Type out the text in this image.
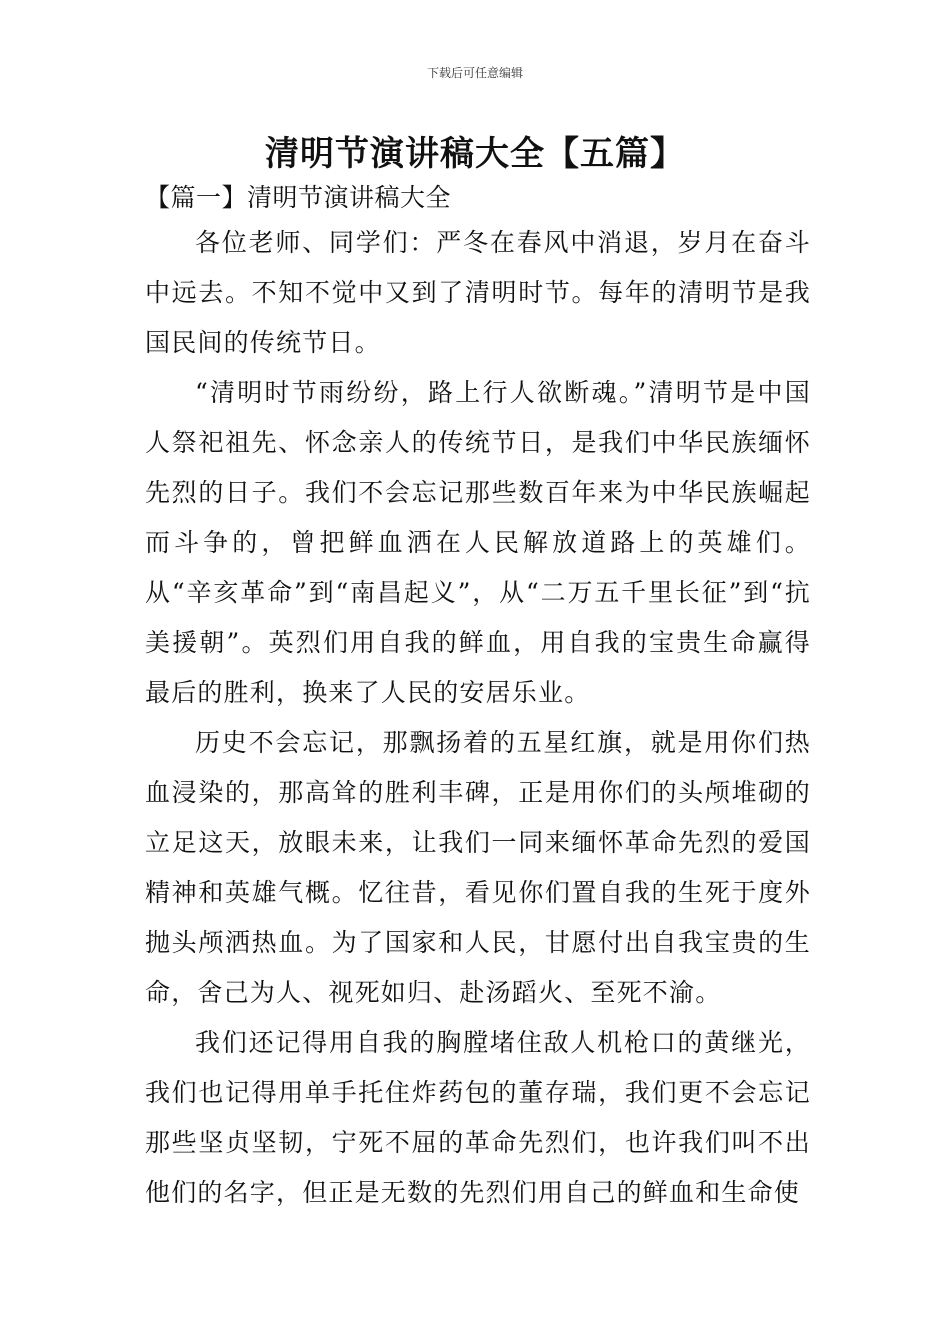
下载后可任意编辑
清明节演讲稿大全【五篇】

【篇一】清明节演讲稿大全

各位老师、同学们：严冬在春风中消退，岁月在奋斗中远去。不知不觉中又到了清明时节。每年的清明节是我国民间的传统节日。

“清明时节雨纷纷，路上行人欲断魂。”清明节是中国人祭祀祖先、怀念亲人的传统节日，是我们中华民族缅怀先烈的日子。我们不会忘记那些数百年来为中华民族崛起而斗争的，曾把鲜血洒在人民解放道路上的英雄们。从“辛亥革命”到“南昌起义”，从“二万五千里长征”到“抗美援朝”。英烈们用自我的鲜血，用自我的宝贵生命赢得最后的胜利，换来了人民的安居乐业。

历史不会忘记，那飘扬着的五星红旗，就是用你们热血浸染的，那高耸的胜利丰碑，正是用你们的头颅堆砌的立足这天，放眼未来，让我们一同来缅怀革命先烈的爱国精神和英雄气概。忆往昔，看见你们置自我的生死于度外抛头颅洒热血。为了国家和人民，甘愿付出自我宝贵的生命，舍己为人、视死如归、赴汤蹈火、至死不渝。

我们还记得用自我的胸膛堵住敌人机枪口的黄继光，我们也记得用单手托住炸药包的董存瑞，我们更不会忘记那些坚贞坚韧，宁死不屈的革命先烈们，也许我们叫不出他们的名字，但正是无数的先烈们用自己的鲜血和生命使
